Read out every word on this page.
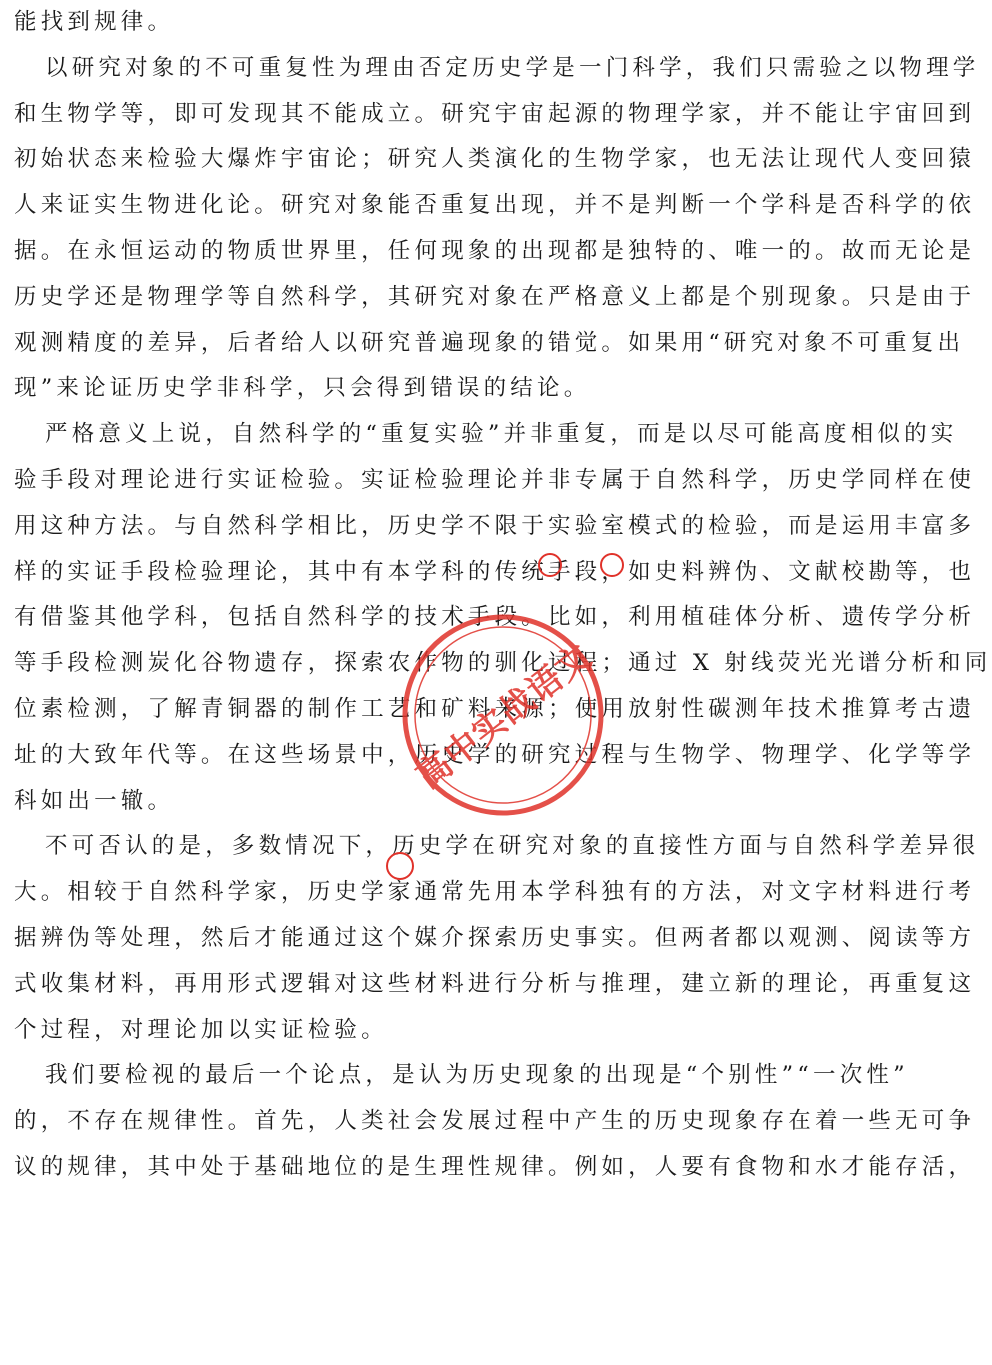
能找到规律。

以研究对象的不可重复性为理由否定历史学是一门科学，我们只需验之以物理学
和生物学等，即可发现其不能成立。研究宇宙起源的物理学家，并不能让宇宙回到
初始状态来检验大爆炸宇宙论；研究人类演化的生物学家，也无法让现代人变回猿
人来证实生物进化论。研究对象能否重复出现，并不是判断一个学科是否科学的依
据。在永恒运动的物质世界里，任何现象的出现都是独特的、唯一的。故而无论是
历史学还是物理学等自然科学，其研究对象在严格意义上都是个别现象。只是由于
观测精度的差异，后者给人以研究普遍现象的错觉。如果用“研究对象不可重复出
现”来论证历史学非科学，只会得到错误的结论。

严格意义上说，自然科学的“重复实验”并非重复，而是以尽可能高度相似的实
验手段对理论进行实证检验。实证检验理论并非专属于自然科学，历史学同样在使
用这种方法。与自然科学相比，历史学不限于实验室模式的检验，而是运用丰富多
样的实证手段检验理论，其中有本学科的传统手段，如史料辨伪、文献校勘等，也
有借鉴其他学科，包括自然科学的技术手段。比如，利用植硅体分析、遗传学分析
等手段检测炭化谷物遗存，探索农作物的驯化过程；通过 X 射线荧光光谱分析和同
位素检测，了解青铜器的制作工艺和矿料来源；使用放射性碳测年技术推算考古遗
址的大致年代等。在这些场景中，历史学的研究过程与生物学、物理学、化学等学
科如出一辙。

不可否认的是，多数情况下，历史学在研究对象的直接性方面与自然科学差异很
大。相较于自然科学家，历史学家通常先用本学科独有的方法，对文字材料进行考
据辨伪等处理，然后才能通过这个媒介探索历史事实。但两者都以观测、阅读等方
式收集材料，再用形式逻辑对这些材料进行分析与推理，建立新的理论，再重复这
个过程，对理论加以实证检验。

我们要检视的最后一个论点，是认为历史现象的出现是“个别性”“一次性”
的，不存在规律性。首先，人类社会发展过程中产生的历史现象存在着一些无可争
议的规律，其中处于基础地位的是生理性规律。例如，人要有食物和水才能存活，

高中实战语文
